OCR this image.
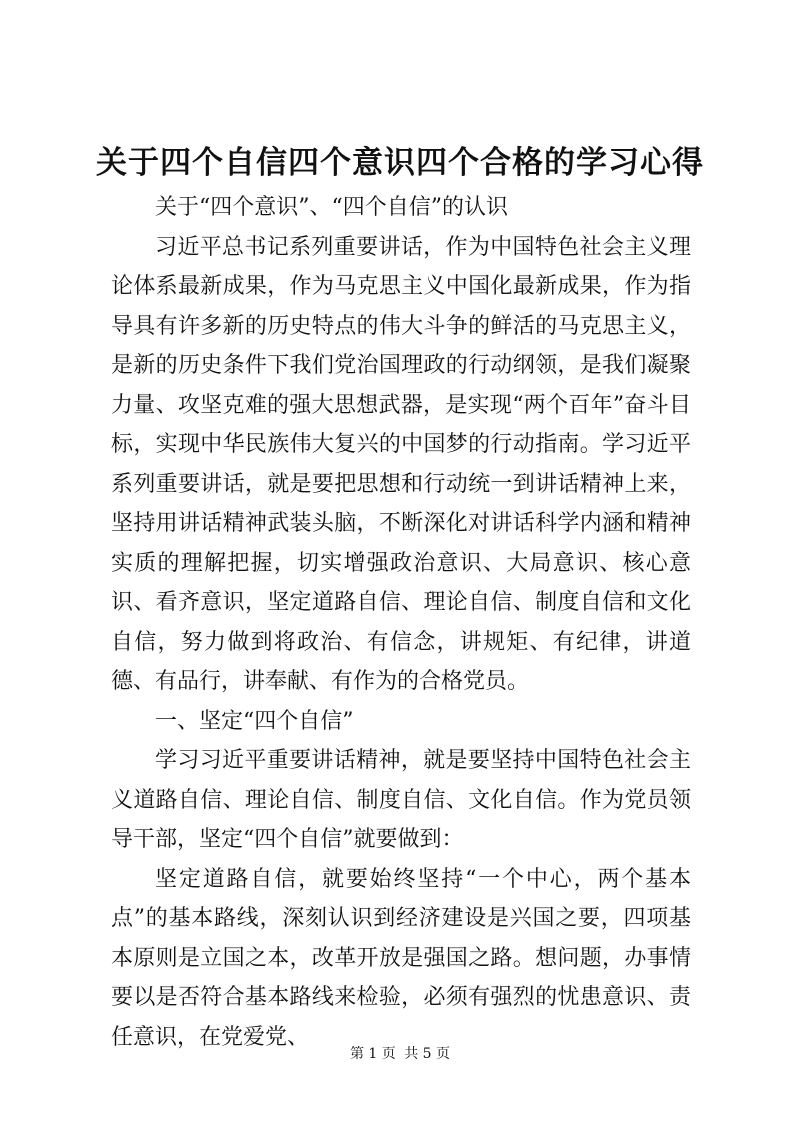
关于四个自信四个意识四个合格的学习心得

关于“四个意识”、“四个自信”的认识

习近平总书记系列重要讲话，作为中国特色社会主义理论体系最新成果，作为马克思主义中国化最新成果，作为指导具有许多新的历史特点的伟大斗争的鲜活的马克思主义，是新的历史条件下我们党治国理政的行动纲领，是我们凝聚力量、攻坚克难的强大思想武器，是实现“两个百年”奋斗目标，实现中华民族伟大复兴的中国梦的行动指南。学习近平系列重要讲话，就是要把思想和行动统一到讲话精神上来，坚持用讲话精神武装头脑，不断深化对讲话科学内涵和精神实质的理解把握，切实增强政治意识、大局意识、核心意识、看齐意识，坚定道路自信、理论自信、制度自信和文化自信，努力做到将政治、有信念，讲规矩、有纪律，讲道德、有品行，讲奉献、有作为的合格党员。

一、坚定“四个自信”

学习习近平重要讲话精神，就是要坚持中国特色社会主义道路自信、理论自信、制度自信、文化自信。作为党员领导干部，坚定“四个自信”就要做到：

坚定道路自信，就要始终坚持“一个中心，两个基本点”的基本路线，深刻认识到经济建设是兴国之要，四项基本原则是立国之本，改革开放是强国之路。想问题，办事情要以是否符合基本路线来检验，必须有强烈的忧患意识、责任意识，在党爱党、

第 1 页 共 5 页
